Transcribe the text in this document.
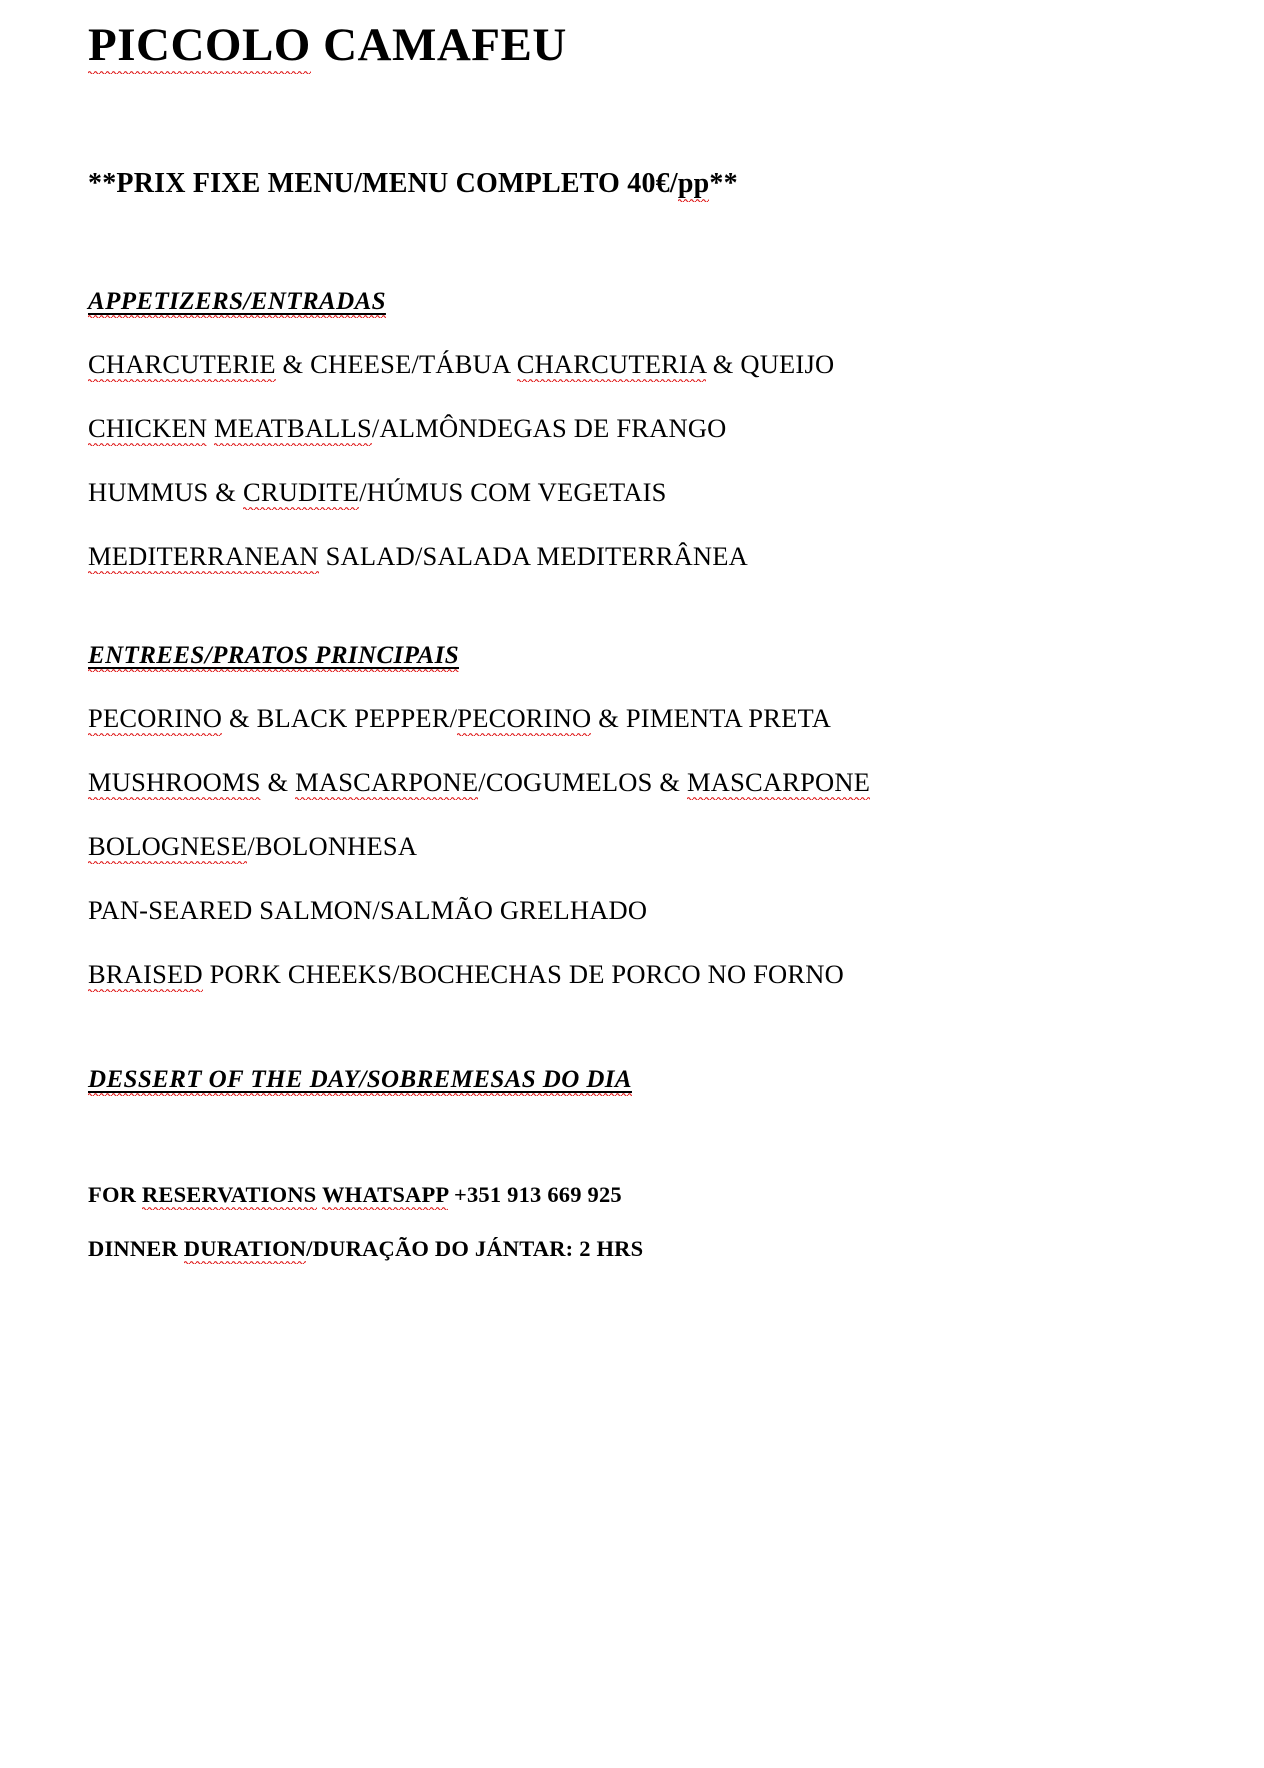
PICCOLO CAMAFEU
**PRIX FIXE MENU/MENU COMPLETO 40€/pp**
APPETIZERS/ENTRADAS
CHARCUTERIE & CHEESE/TÁBUA CHARCUTERIA & QUEIJO
CHICKEN MEATBALLS/ALMÔNDEGAS DE FRANGO
HUMMUS & CRUDITE/HÚMUS COM VEGETAIS
MEDITERRANEAN SALAD/SALADA MEDITERRÂNEA
ENTREES/PRATOS PRINCIPAIS
PECORINO & BLACK PEPPER/PECORINO & PIMENTA PRETA
MUSHROOMS & MASCARPONE/COGUMELOS & MASCARPONE
BOLOGNESE/BOLONHESA
PAN-SEARED SALMON/SALMÃO GRELHADO
BRAISED PORK CHEEKS/BOCHECHAS DE PORCO NO FORNO
DESSERT OF THE DAY/SOBREMESAS DO DIA
FOR RESERVATIONS WHATSAPP +351 913 669 925
DINNER DURATION/DURAÇÃO DO JÁNTAR: 2 HRS
